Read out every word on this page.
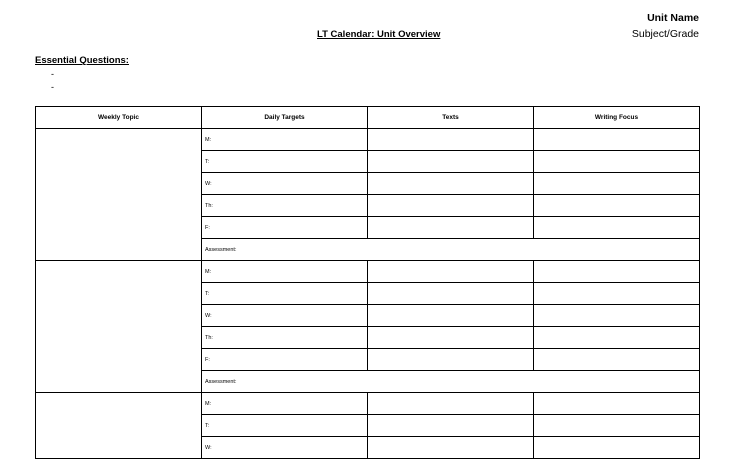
Unit Name
Subject/Grade
LT Calendar: Unit Overview
Essential Questions:
-
-
Weekly Topic	Daily Targets	Texts	Writing Focus
	M:		
	T:		
	W:		
	Th:		
	F:		
	Assessment:		
	M:		
	T:		
	W:		
	Th:		
	F:		
	Assessment:		
	M:		
	T:		
	W:		
